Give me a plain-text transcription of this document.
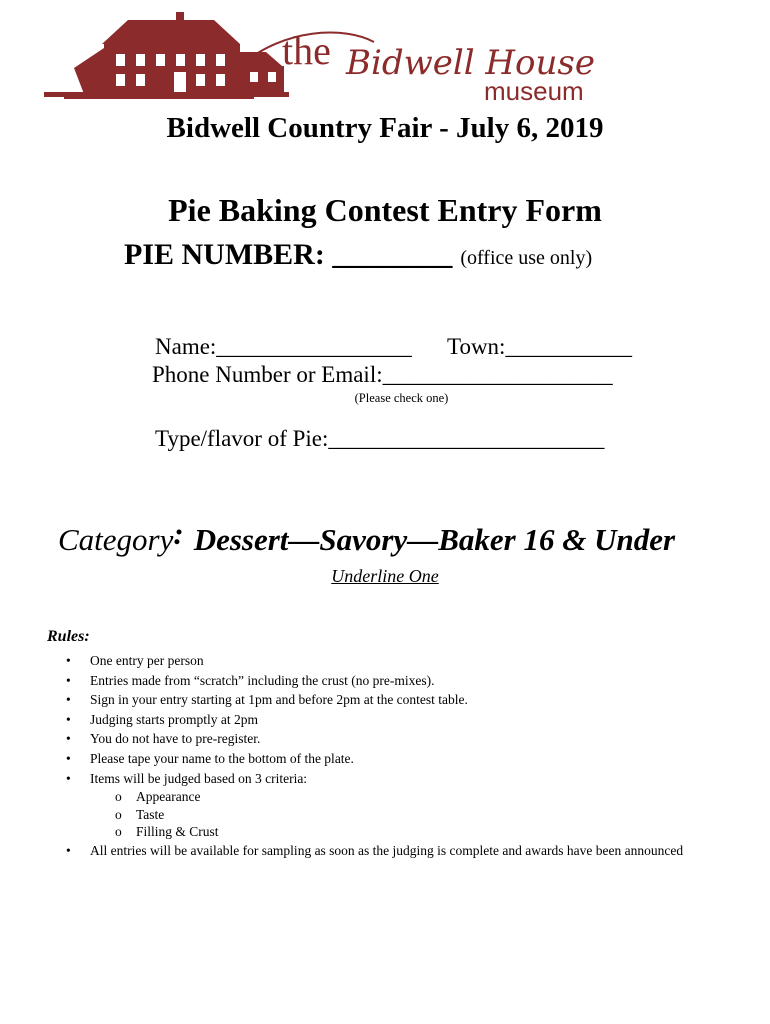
the Bidwell House
museum
Bidwell Country Fair - July 6, 2019
Pie Baking Contest Entry Form
PIE NUMBER: ________ (office use only)
Name:_________________ Town:___________
Phone Number or Email:____________________
(Please check one)
Type/flavor of Pie:________________________
Category: Dessert—Savory—Baker 16 & Under
Underline One
Rules:
• One entry per person
• Entries made from “scratch” including the crust (no pre-mixes).
• Sign in your entry starting at 1pm and before 2pm at the contest table.
• Judging starts promptly at 2pm
• You do not have to pre-register.
• Please tape your name to the bottom of the plate.
• Items will be judged based on 3 criteria:
o Appearance
o Taste
o Filling & Crust
• All entries will be available for sampling as soon as the judging is complete and awards have been announced
